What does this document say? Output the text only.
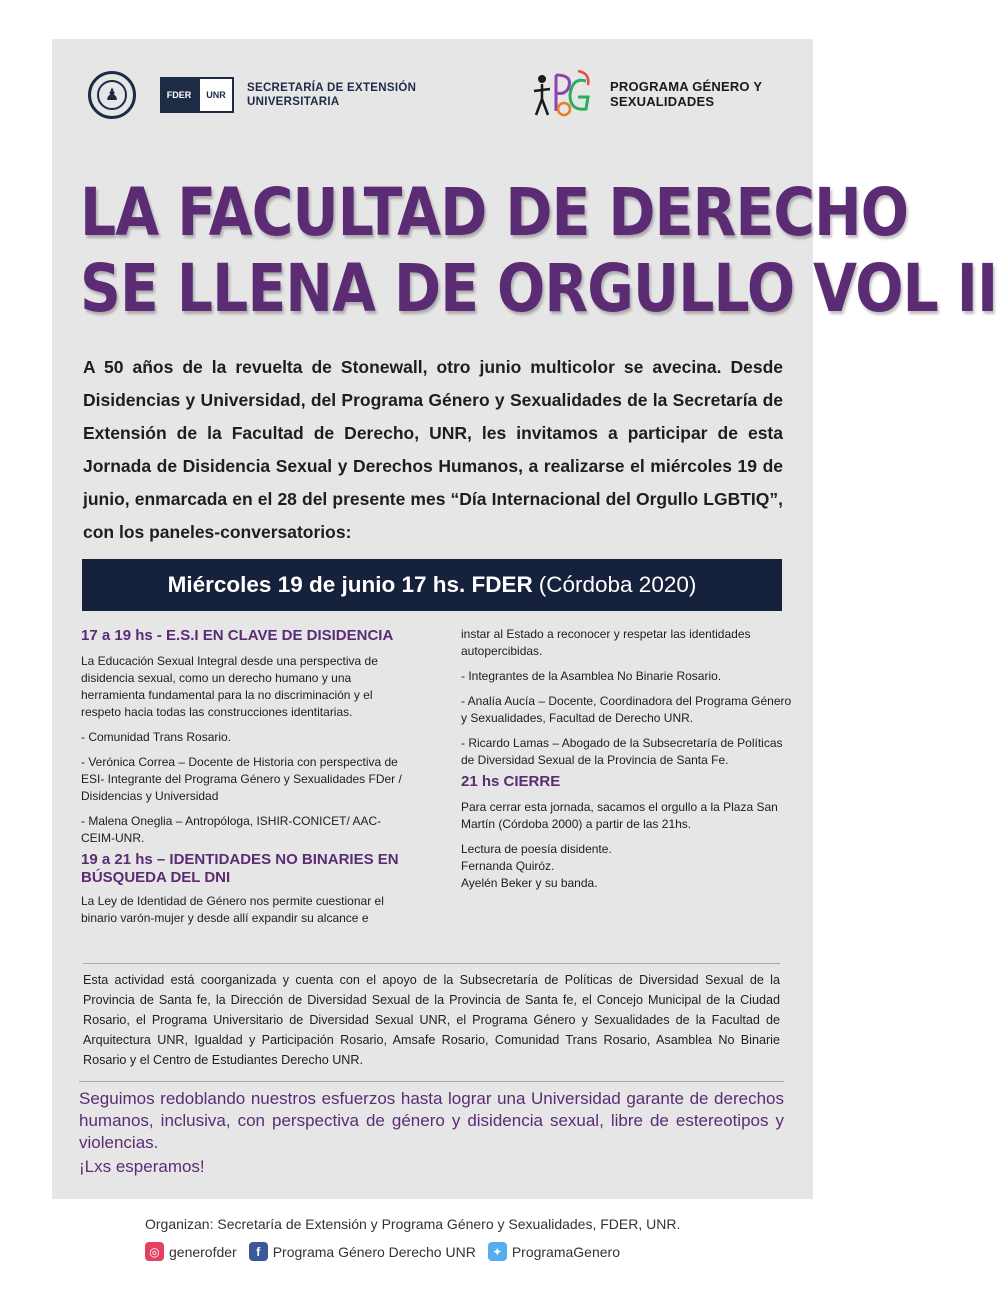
♟	FDER	UNR
SECRETARÍA DE EXTENSIÓN UNIVERSITARIA
PROGRAMA GÉNERO Y SEXUALIDADES
LA FACULTAD DE DERECHO
SE LLENA DE ORGULLO VOL II
A 50 años de la revuelta de Stonewall, otro junio multicolor se avecina. Desde Disidencias y Universidad, del Programa Género y Sexualidades de la Secretaría de Extensión de la Facultad de Derecho, UNR, les invitamos a participar de esta Jornada de Disidencia Sexual y Derechos Humanos, a realizarse el miércoles 19 de junio, enmarcada en el 28 del presente mes “Día Internacional del Orgullo LGBTIQ”, con los paneles-conversatorios:
Miércoles 19 de junio 17 hs. FDER (Córdoba 2020)
17 a 19 hs - E.S.I EN CLAVE DE DISIDENCIA

La Educación Sexual Integral desde una perspectiva de disidencia sexual, como un derecho humano y una herramienta fundamental para la no discriminación y el respeto hacia todas las construcciones identitarias.

- Comunidad Trans Rosario.

- Verónica Correa – Docente de Historia con perspectiva de ESI- Integrante del Programa Género y Sexualidades FDer / Disidencias y Universidad

- Malena Oneglia – Antropóloga, ISHIR-CONICET/ AAC-CEIM-UNR.

19 a 21 hs – IDENTIDADES NO BINARIES EN BÚSQUEDA DEL DNI

La Ley de Identidad de Género nos permite cuestionar el binario varón-mujer y desde allí expandir su alcance e

instar al Estado a reconocer y respetar las identidades autopercibidas.

- Integrantes de la Asamblea No Binarie Rosario.

- Analía Aucía – Docente, Coordinadora del Programa Género y Sexualidades, Facultad de Derecho UNR.

- Ricardo Lamas – Abogado de la Subsecretaría de Políticas de Diversidad Sexual de la Provincia de Santa Fe.

21 hs CIERRE

Para cerrar esta jornada, sacamos el orgullo a la Plaza San Martín (Córdoba 2000) a partir de las 21hs.

Lectura de poesía disidente.
Fernanda Quiróz.
Ayelén Beker y su banda.
Esta actividad está coorganizada y cuenta con el apoyo de la Subsecretaría de Políticas de Diversidad Sexual de la Provincia de Santa fe, la Dirección de Diversidad Sexual de la Provincia de Santa fe, el Concejo Municipal de la Ciudad Rosario, el Programa Universitario de Diversidad Sexual UNR, el Programa Género y Sexualidades de la Facultad de Arquitectura UNR, Igualdad y Participación Rosario, Amsafe Rosario, Comunidad Trans Rosario, Asamblea No Binarie Rosario y el Centro de Estudiantes Derecho UNR.
Seguimos redoblando nuestros esfuerzos hasta lograr una Universidad garante de derechos humanos, inclusiva, con perspectiva de género y disidencia sexual, libre de estereotipos y violencias.
¡Lxs esperamos!
Organizan: Secretaría de Extensión y Programa Género y Sexualidades, FDER, UNR.
◎ generofder	f Programa Género Derecho UNR	✦ ProgramaGenero
